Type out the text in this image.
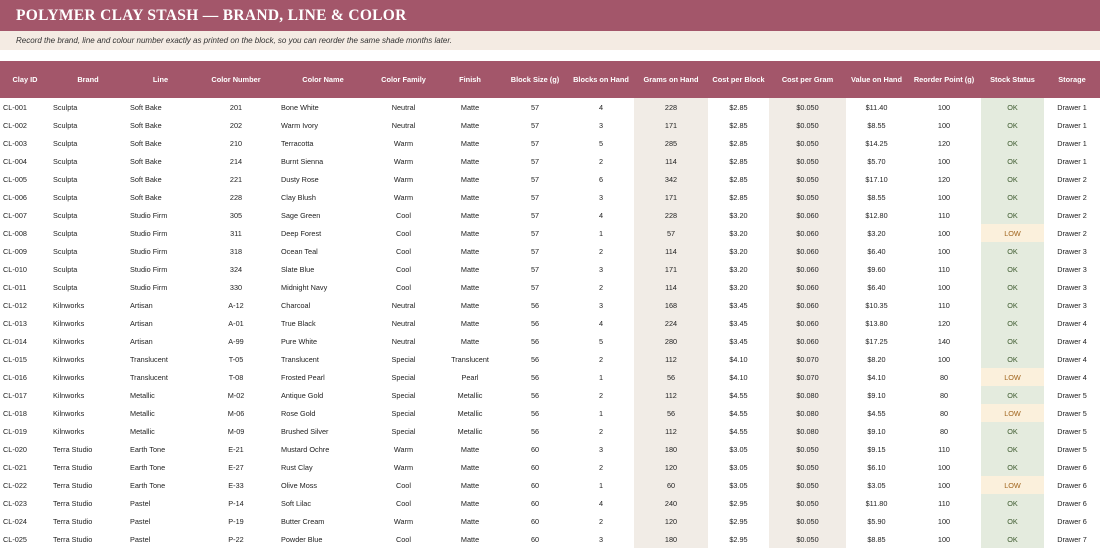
POLYMER CLAY STASH — BRAND, LINE & COLOR
Record the brand, line and colour number exactly as printed on the block, so you can reorder the same shade months later.
Clay ID	Brand	Line	Color Number	Color Name	Color Family	Finish	Block Size (g)	Blocks on Hand	Grams on Hand	Cost per Block	Cost per Gram	Value on Hand	Reorder Point (g)	Stock Status	Storage
CL-001	Sculpta	Soft Bake	201	Bone White	Neutral	Matte	57	4	228	$2.85	$0.050	$11.40	100	OK	Drawer 1
CL-002	Sculpta	Soft Bake	202	Warm Ivory	Neutral	Matte	57	3	171	$2.85	$0.050	$8.55	100	OK	Drawer 1
CL-003	Sculpta	Soft Bake	210	Terracotta	Warm	Matte	57	5	285	$2.85	$0.050	$14.25	120	OK	Drawer 1
CL-004	Sculpta	Soft Bake	214	Burnt Sienna	Warm	Matte	57	2	114	$2.85	$0.050	$5.70	100	OK	Drawer 1
CL-005	Sculpta	Soft Bake	221	Dusty Rose	Warm	Matte	57	6	342	$2.85	$0.050	$17.10	120	OK	Drawer 2
CL-006	Sculpta	Soft Bake	228	Clay Blush	Warm	Matte	57	3	171	$2.85	$0.050	$8.55	100	OK	Drawer 2
CL-007	Sculpta	Studio Firm	305	Sage Green	Cool	Matte	57	4	228	$3.20	$0.060	$12.80	110	OK	Drawer 2
CL-008	Sculpta	Studio Firm	311	Deep Forest	Cool	Matte	57	1	57	$3.20	$0.060	$3.20	100	LOW	Drawer 2
CL-009	Sculpta	Studio Firm	318	Ocean Teal	Cool	Matte	57	2	114	$3.20	$0.060	$6.40	100	OK	Drawer 3
CL-010	Sculpta	Studio Firm	324	Slate Blue	Cool	Matte	57	3	171	$3.20	$0.060	$9.60	110	OK	Drawer 3
CL-011	Sculpta	Studio Firm	330	Midnight Navy	Cool	Matte	57	2	114	$3.20	$0.060	$6.40	100	OK	Drawer 3
CL-012	Kilnworks	Artisan	A-12	Charcoal	Neutral	Matte	56	3	168	$3.45	$0.060	$10.35	110	OK	Drawer 3
CL-013	Kilnworks	Artisan	A-01	True Black	Neutral	Matte	56	4	224	$3.45	$0.060	$13.80	120	OK	Drawer 4
CL-014	Kilnworks	Artisan	A-99	Pure White	Neutral	Matte	56	5	280	$3.45	$0.060	$17.25	140	OK	Drawer 4
CL-015	Kilnworks	Translucent	T-05	Translucent	Special	Translucent	56	2	112	$4.10	$0.070	$8.20	100	OK	Drawer 4
CL-016	Kilnworks	Translucent	T-08	Frosted Pearl	Special	Pearl	56	1	56	$4.10	$0.070	$4.10	80	LOW	Drawer 4
CL-017	Kilnworks	Metallic	M-02	Antique Gold	Special	Metallic	56	2	112	$4.55	$0.080	$9.10	80	OK	Drawer 5
CL-018	Kilnworks	Metallic	M-06	Rose Gold	Special	Metallic	56	1	56	$4.55	$0.080	$4.55	80	LOW	Drawer 5
CL-019	Kilnworks	Metallic	M-09	Brushed Silver	Special	Metallic	56	2	112	$4.55	$0.080	$9.10	80	OK	Drawer 5
CL-020	Terra Studio	Earth Tone	E-21	Mustard Ochre	Warm	Matte	60	3	180	$3.05	$0.050	$9.15	110	OK	Drawer 5
CL-021	Terra Studio	Earth Tone	E-27	Rust Clay	Warm	Matte	60	2	120	$3.05	$0.050	$6.10	100	OK	Drawer 6
CL-022	Terra Studio	Earth Tone	E-33	Olive Moss	Cool	Matte	60	1	60	$3.05	$0.050	$3.05	100	LOW	Drawer 6
CL-023	Terra Studio	Pastel	P-14	Soft Lilac	Cool	Matte	60	4	240	$2.95	$0.050	$11.80	110	OK	Drawer 6
CL-024	Terra Studio	Pastel	P-19	Butter Cream	Warm	Matte	60	2	120	$2.95	$0.050	$5.90	100	OK	Drawer 6
CL-025	Terra Studio	Pastel	P-22	Powder Blue	Cool	Matte	60	3	180	$2.95	$0.050	$8.85	100	OK	Drawer 7
